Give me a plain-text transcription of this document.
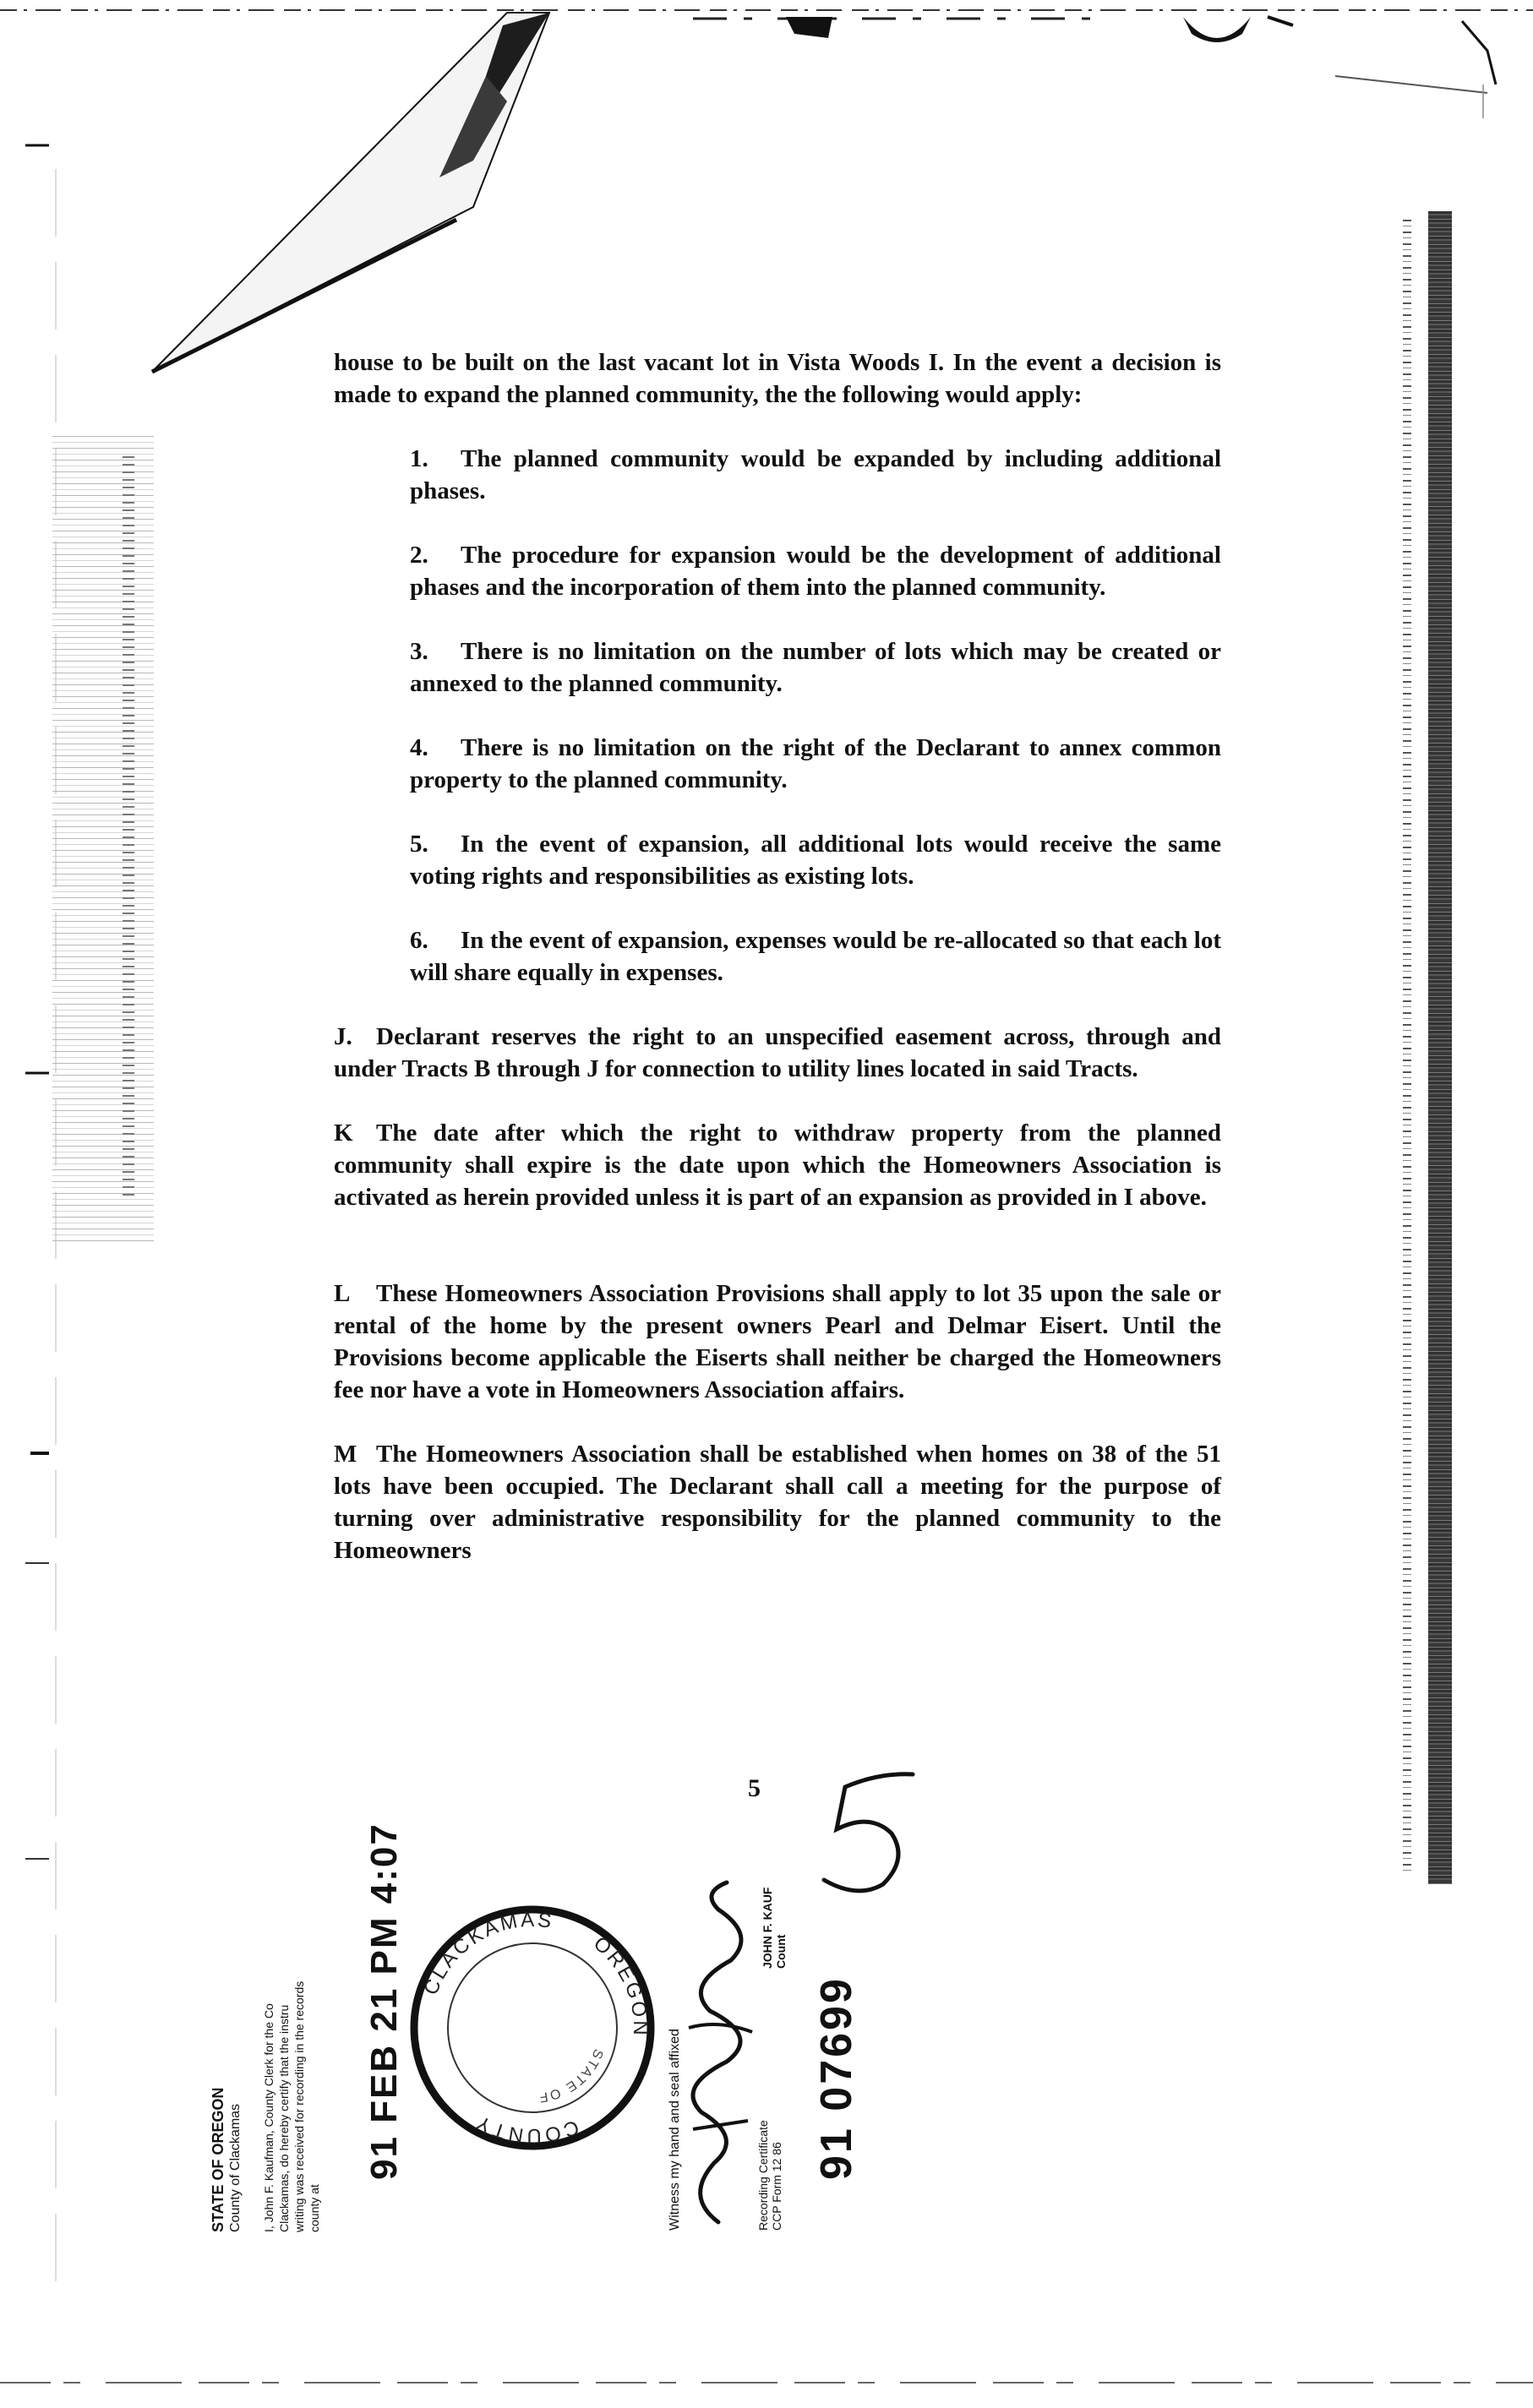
house to be built on the last vacant lot in Vista Woods I. In the event a decision is made to expand the planned community, the the following would apply:

1. The planned community would be expanded by including additional phases.

2. The procedure for expansion would be the development of additional phases and the incorporation of them into the planned community.

3. There is no limitation on the number of lots which may be created or annexed to the planned community.

4. There is no limitation on the right of the Declarant to annex common property to the planned community.

5. In the event of expansion, all additional lots would receive the same voting rights and responsibilities as existing lots.

6. In the event of expansion, expenses would be re-allocated so that each lot will share equally in expenses.

J. Declarant reserves the right to an unspecified easement across, through and under Tracts B through J for connection to utility lines located in said Tracts.

K The date after which the right to withdraw property from the planned community shall expire is the date upon which the Homeowners Association is activated as herein provided unless it is part of an expansion as provided in I above.

L These Homeowners Association Provisions shall apply to lot 35 upon the sale or rental of the home by the present owners Pearl and Delmar Eisert. Until the Provisions become applicable the Eiserts shall neither be charged the Homeowners fee nor have a vote in Homeowners Association affairs.

M The Homeowners Association shall be established when homes on 38 of the 51 lots have been occupied. The Declarant shall call a meeting for the purpose of turning over administrative responsibility for the planned community to the Homeowners

5
STATE OF OREGON County of Clackamas I, John F. Kaufman, County Clerk for the Co Clackamas, do hereby certify that the instru writing was received for recording in the records county at
91 FEB 21 PM 4:07 CLACKAMAS
OREGON
COUNTY
STATE OF	Witness my hand and seal affixed
JOHN F. KAUF Count
Recording Certificate CCP Form 12 86
91 07699
